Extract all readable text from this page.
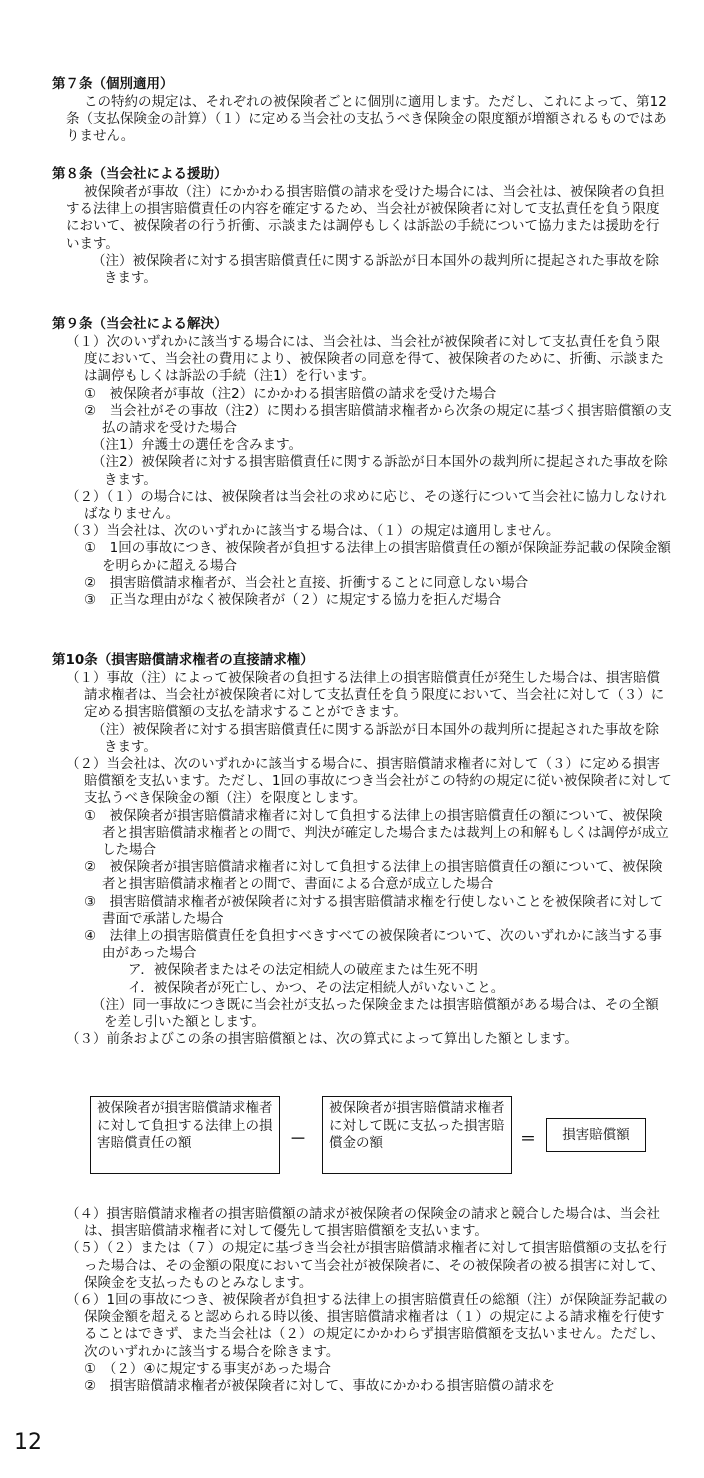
第７条（個別適用）

この特約の規定は、それぞれの被保険者ごとに個別に適用します。ただし、これによって、第12条（支払保険金の計算）（１）に定める当会社の支払うべき保険金の限度額が増額されるものではありません。

第８条（当会社による援助）

被保険者が事故（注）にかかわる損害賠償の請求を受けた場合には、当会社は、被保険者の負担する法律上の損害賠償責任の内容を確定するため、当会社が被保険者に対して支払責任を負う限度において、被保険者の行う折衝、示談または調停もしくは訴訟の手続について協力または援助を行います。

（注）被保険者に対する損害賠償責任に関する訴訟が日本国外の裁判所に提起された事故を除きます。

第９条（当会社による解決）

（１）次のいずれかに該当する場合には、当会社は、当会社が被保険者に対して支払責任を負う限度において、当会社の費用により、被保険者の同意を得て、被保険者のために、折衝、示談または調停もしくは訴訟の手続（注1）を行います。

①　被保険者が事故（注2）にかかわる損害賠償の請求を受けた場合

②　当会社がその事故（注2）に関わる損害賠償請求権者から次条の規定に基づく損害賠償額の支払の請求を受けた場合

（注1）弁護士の選任を含みます。

（注2）被保険者に対する損害賠償責任に関する訴訟が日本国外の裁判所に提起された事故を除きます。

（２）（１）の場合には、被保険者は当会社の求めに応じ、その遂行について当会社に協力しなければなりません。

（３）当会社は、次のいずれかに該当する場合は、（１）の規定は適用しません。

①　1回の事故につき、被保険者が負担する法律上の損害賠償責任の額が保険証券記載の保険金額を明らかに超える場合

②　損害賠償請求権者が、当会社と直接、折衝することに同意しない場合

③　正当な理由がなく被保険者が（２）に規定する協力を拒んだ場合

第10条（損害賠償請求権者の直接請求権）

（１）事故（注）によって被保険者の負担する法律上の損害賠償責任が発生した場合は、損害賠償請求権者は、当会社が被保険者に対して支払責任を負う限度において、当会社に対して（３）に定める損害賠償額の支払を請求することができます。

（注）被保険者に対する損害賠償責任に関する訴訟が日本国外の裁判所に提起された事故を除きます。

（２）当会社は、次のいずれかに該当する場合に、損害賠償請求権者に対して（３）に定める損害賠償額を支払います。ただし、1回の事故につき当会社がこの特約の規定に従い被保険者に対して支払うべき保険金の額（注）を限度とします。

①　被保険者が損害賠償請求権者に対して負担する法律上の損害賠償責任の額について、被保険者と損害賠償請求権者との間で、判決が確定した場合または裁判上の和解もしくは調停が成立した場合

②　被保険者が損害賠償請求権者に対して負担する法律上の損害賠償責任の額について、被保険者と損害賠償請求権者との間で、書面による合意が成立した場合

③　損害賠償請求権者が被保険者に対する損害賠償請求権を行使しないことを被保険者に対して書面で承諾した場合

④　法律上の損害賠償責任を負担すべきすべての被保険者について、次のいずれかに該当する事由があった場合

ア．被保険者またはその法定相続人の破産または生死不明

イ．被保険者が死亡し、かつ、その法定相続人がいないこと。

（注）同一事故につき既に当会社が支払った保険金または損害賠償額がある場合は、その全額を差し引いた額とします。

（３）前条およびこの条の損害賠償額とは、次の算式によって算出した額とします。

被保険者が損害賠償請求権者に対して負担する法律上の損害賠償責任の額	－
被保険者が損害賠償請求権者に対して既に支払った損害賠償金の額	＝	損害賠償額

（４）損害賠償請求権者の損害賠償額の請求が被保険者の保険金の請求と競合した場合は、当会社は、損害賠償請求権者に対して優先して損害賠償額を支払います。

（５）（２）または（７）の規定に基づき当会社が損害賠償請求権者に対して損害賠償額の支払を行った場合は、その金額の限度において当会社が被保険者に、その被保険者の被る損害に対して、保険金を支払ったものとみなします。

（６）1回の事故につき、被保険者が負担する法律上の損害賠償責任の総額（注）が保険証券記載の保険金額を超えると認められる時以後、損害賠償請求権者は（１）の規定による請求権を行使することはできず、また当会社は（２）の規定にかかわらず損害賠償額を支払いません。ただし、次のいずれかに該当する場合を除きます。

①　（２）④に規定する事実があった場合

②　損害賠償請求権者が被保険者に対して、事故にかかわる損害賠償の請求を

12
